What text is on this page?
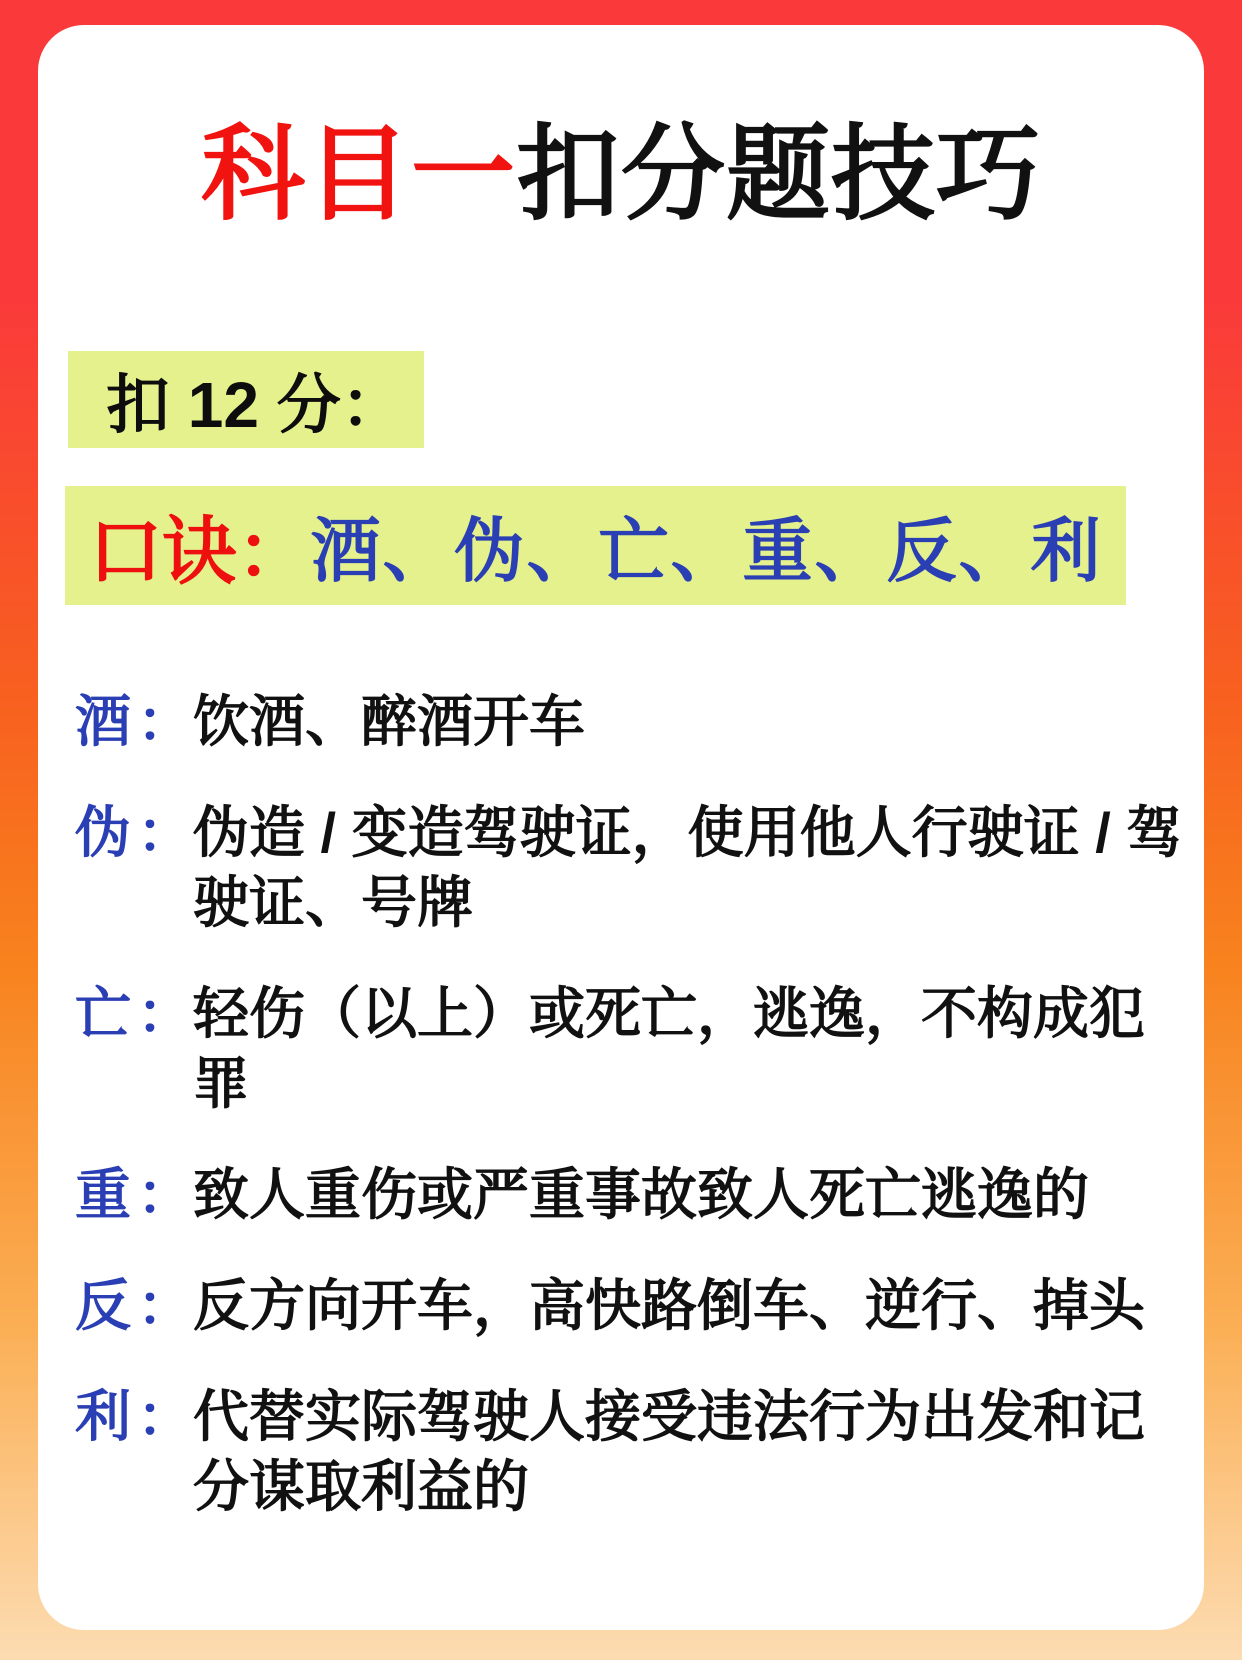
科目一扣分题技巧
扣 12 分：
口诀： 酒、伪、亡、重、反、利
酒 ： 饮酒、醉酒开车
伪 ： 伪造 / 变造驾驶证，使用他人行驶证 / 驾驶证、号牌
亡 ： 轻伤（以上）或死亡，逃逸，不构成犯罪
重 ： 致人重伤或严重事故致人死亡逃逸的
反 ： 反方向开车，高快路倒车、逆行、掉头
利 ： 代替实际驾驶人接受违法行为出发和记分谋取利益的
